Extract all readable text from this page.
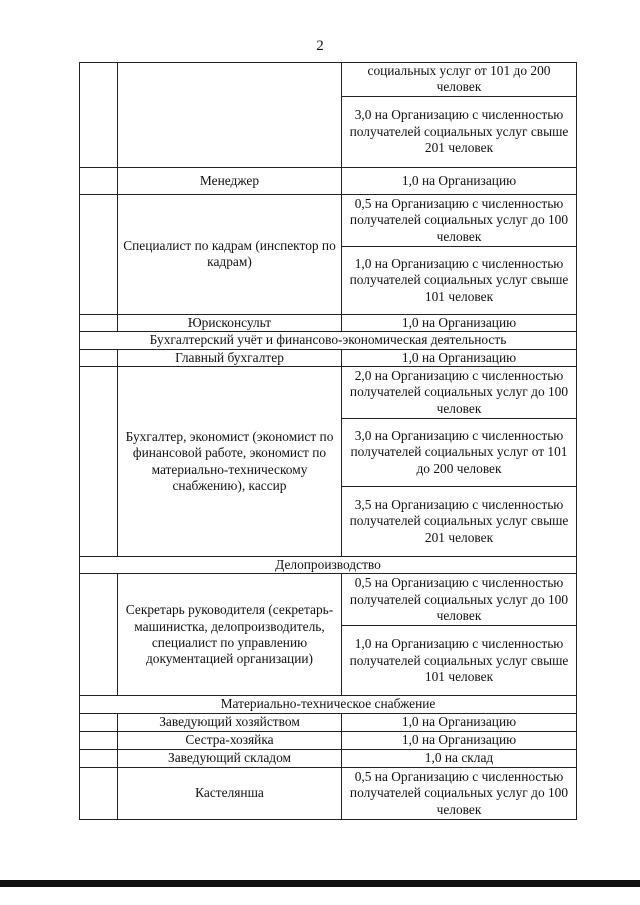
2
		социальных услуг от 101 до 200 человек
		3,0 на Организацию с численностью получателей социальных услуг свыше 201 человек
	Менеджер	1,0 на Организацию
	Специалист по кадрам (инспектор по кадрам)	0,5 на Организацию с численностью получателей социальных услуг до 100 человек
		1,0 на Организацию с численностью получателей социальных услуг свыше 101 человек
	Юрисконсульт	1,0 на Организацию
Бухгалтерский учёт и финансово-экономическая деятельность		
	Главный бухгалтер	1,0 на Организацию
	Бухгалтер, экономист (экономист по финансовой работе, экономист по материально-техническому снабжению), кассир	2,0 на Организацию с численностью получателей социальных услуг до 100 человек
		3,0 на Организацию с численностью получателей социальных услуг от 101 до 200 человек
		3,5 на Организацию с численностью получателей социальных услуг свыше 201 человек
Делопроизводство		
	Секретарь руководителя (секретарь-машинистка, делопроизводитель, специалист по управлению документацией организации)	0,5 на Организацию с численностью получателей социальных услуг до 100 человек
		1,0 на Организацию с численностью получателей социальных услуг свыше 101 человек
Материально-техническое снабжение		
	Заведующий хозяйством	1,0 на Организацию
	Сестра-хозяйка	1,0 на Организацию
	Заведующий складом	1,0 на склад
	Кастелянша	0,5 на Организацию с численностью получателей социальных услуг до 100 человек
